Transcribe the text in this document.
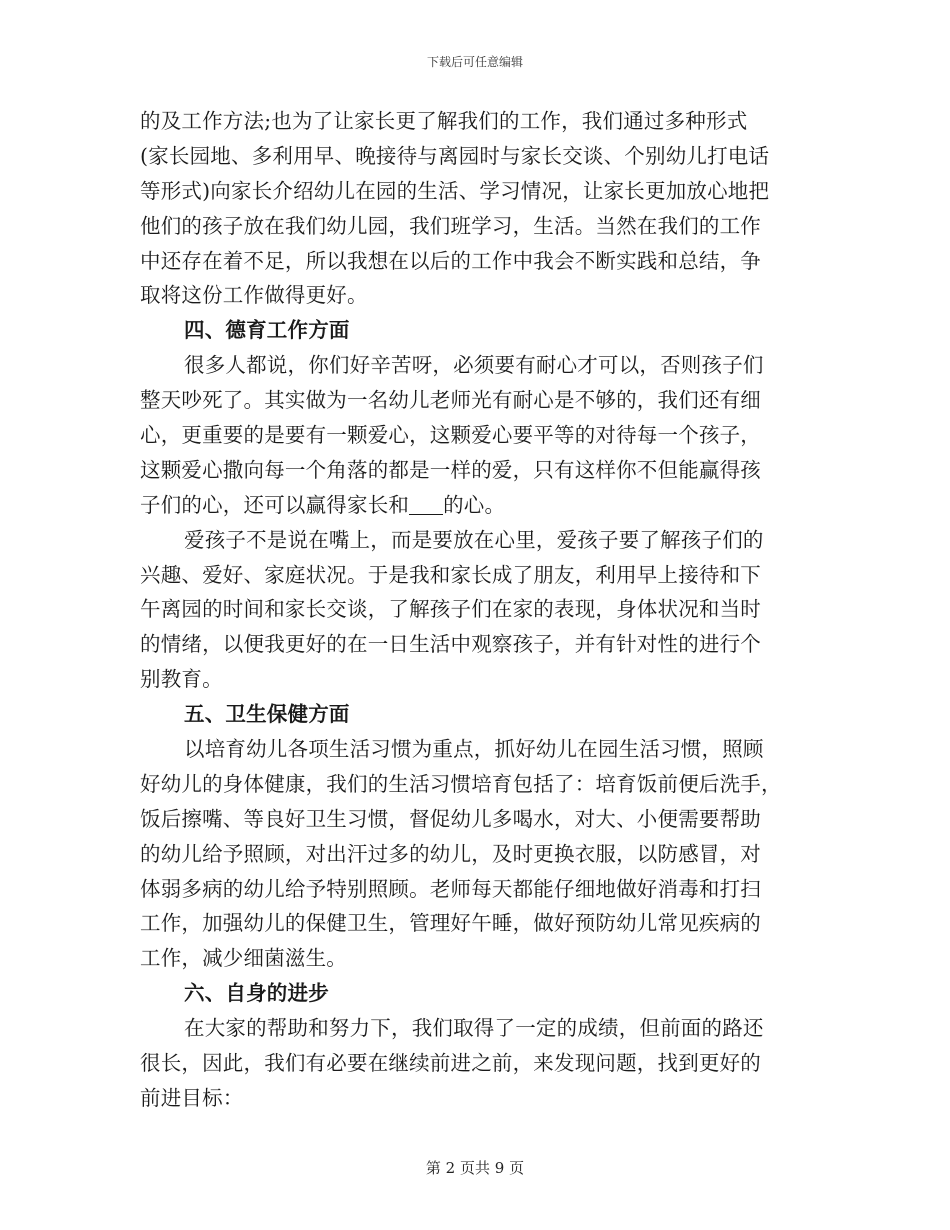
下载后可任意编辑
的及工作方法;也为了让家长更了解我们的工作，我们通过多种形式
(家长园地、多利用早、晚接待与离园时与家长交谈、个别幼儿打电话
等形式)向家长介绍幼儿在园的生活、学习情况，让家长更加放心地把
他们的孩子放在我们幼儿园，我们班学习，生活。当然在我们的工作
中还存在着不足，所以我想在以后的工作中我会不断实践和总结，争
取将这份工作做得更好。
四、德育工作方面
很多人都说，你们好辛苦呀，必须要有耐心才可以，否则孩子们
整天吵死了。其实做为一名幼儿老师光有耐心是不够的，我们还有细
心，更重要的是要有一颗爱心，这颗爱心要平等的对待每一个孩子，
这颗爱心撒向每一个角落的都是一样的爱，只有这样你不但能赢得孩
子们的心，还可以赢得家长和 的心。
爱孩子不是说在嘴上，而是要放在心里，爱孩子要了解孩子们的
兴趣、爱好、家庭状况。于是我和家长成了朋友，利用早上接待和下
午离园的时间和家长交谈，了解孩子们在家的表现，身体状况和当时
的情绪，以便我更好的在一日生活中观察孩子，并有针对性的进行个
别教育。
五、卫生保健方面
以培育幼儿各项生活习惯为重点，抓好幼儿在园生活习惯，照顾
好幼儿的身体健康，我们的生活习惯培育包括了：培育饭前便后洗手，
饭后擦嘴、等良好卫生习惯，督促幼儿多喝水，对大、小便需要帮助
的幼儿给予照顾，对出汗过多的幼儿，及时更换衣服，以防感冒，对
体弱多病的幼儿给予特别照顾。老师每天都能仔细地做好消毒和打扫
工作，加强幼儿的保健卫生，管理好午睡，做好预防幼儿常见疾病的
工作，减少细菌滋生。
六、自身的进步
在大家的帮助和努力下，我们取得了一定的成绩，但前面的路还
很长，因此，我们有必要在继续前进之前，来发现问题，找到更好的
前进目标：
第 2 页共 9 页
